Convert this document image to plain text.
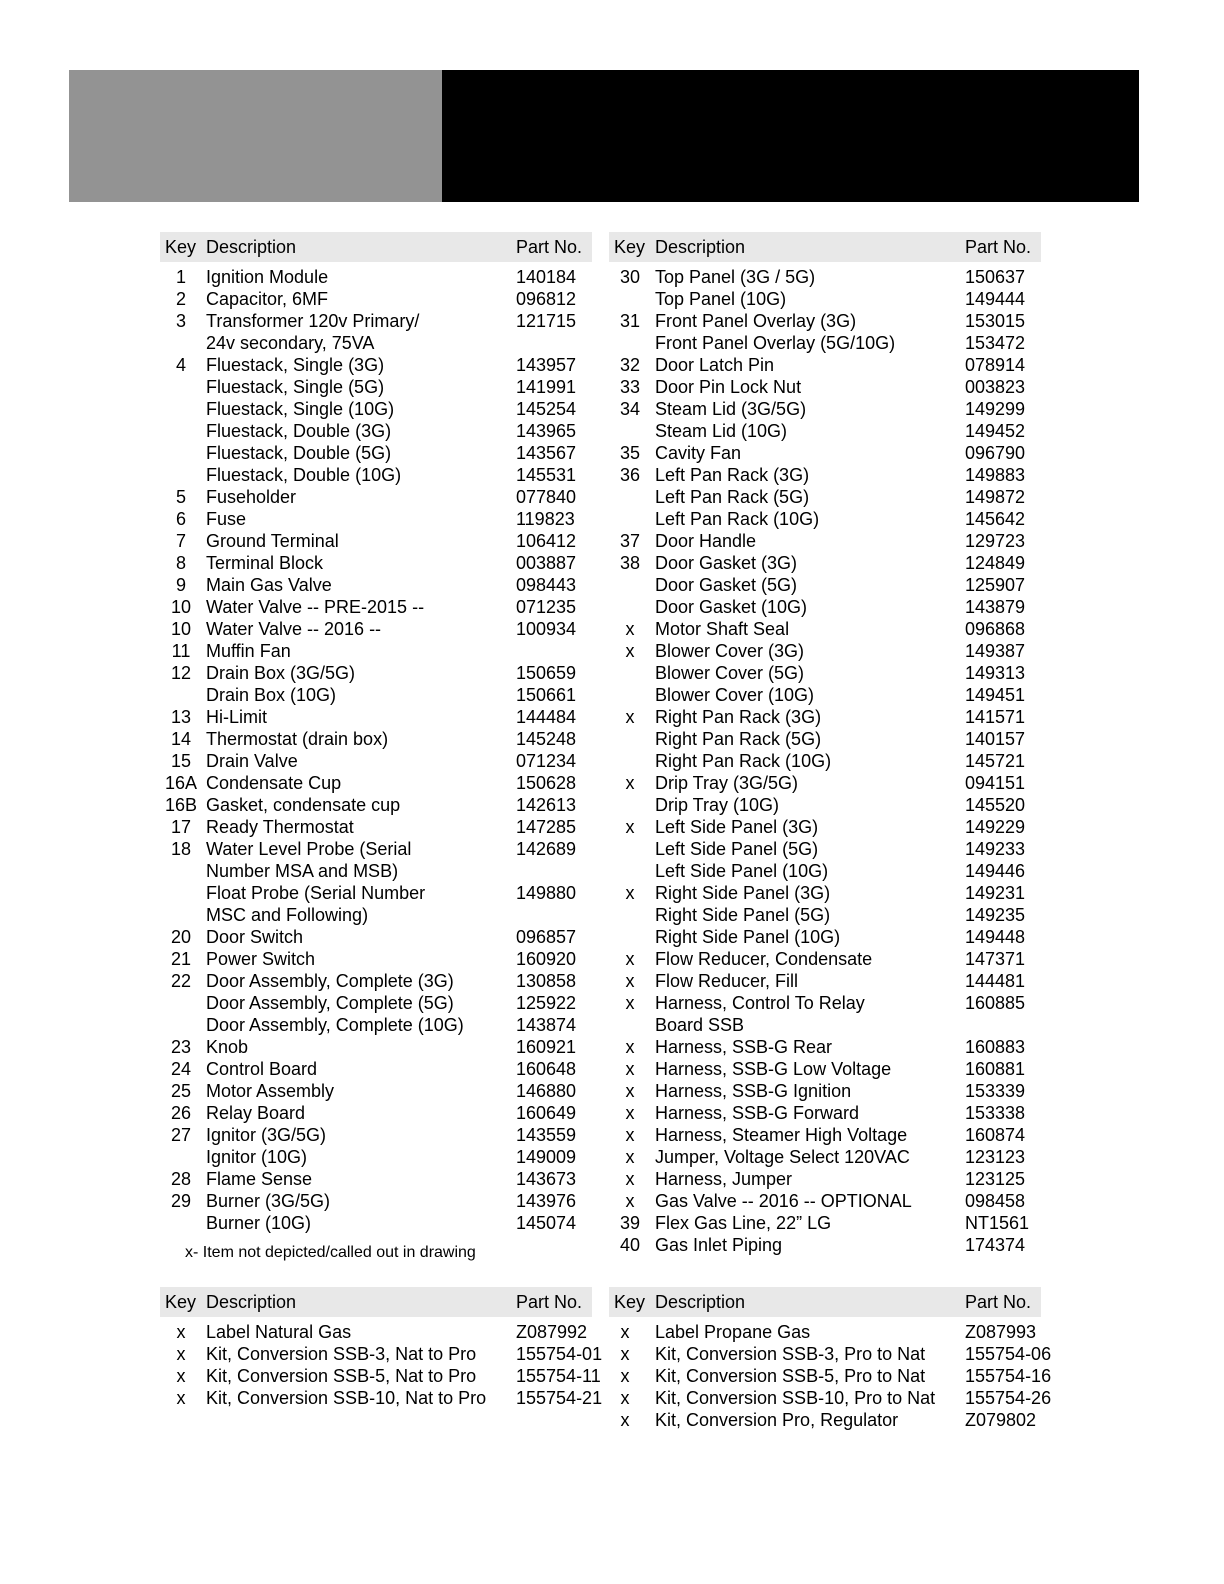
Key Description	Part No.
1	Ignition Module	140184
2	Capacitor, 6MF	096812
3	Transformer 120v Primary/	121715
24v secondary, 75VA
4	Fluestack, Single (3G)	143957
Fluestack, Single (5G)	141991
Fluestack, Single (10G)	145254
Fluestack, Double (3G)	143965
Fluestack, Double (5G)	143567
Fluestack, Double (10G)	145531
5	Fuseholder	077840
6	Fuse	119823
7	Ground Terminal	106412
8	Terminal Block	003887
9	Main Gas Valve	098443
10 Water Valve -- PRE-2015 --	071235
10 Water Valve -- 2016 --	100934
11 Muffin Fan
12 Drain Box (3G/5G)	150659
Drain Box (10G)	150661
13 Hi-Limit	144484
14 Thermostat (drain box)	145248
15 Drain Valve	071234
16A Condensate Cup	150628
16B Gasket, condensate cup	142613
17 Ready Thermostat	147285
18 Water Level Probe (Serial	142689
Number MSA and MSB)
Float Probe (Serial Number	149880
MSC and Following)
20 Door Switch	096857
21 Power Switch	160920
22 Door Assembly, Complete (3G)	130858
Door Assembly, Complete (5G)	125922
Door Assembly, Complete (10G)	143874
23 Knob	160921
24 Control Board	160648
25 Motor Assembly	146880
26 Relay Board	160649
27 Ignitor (3G/5G)	143559
Ignitor (10G)	149009
28 Flame Sense	143673
29 Burner (3G/5G)	143976
Burner (10G)	145074
Key Description	Part No.
30 Top Panel (3G / 5G)	150637
Top Panel (10G)	149444
31 Front Panel Overlay (3G)	153015
Front Panel Overlay (5G/10G)	153472
32 Door Latch Pin	078914
33 Door Pin Lock Nut	003823
34 Steam Lid (3G/5G)	149299
Steam Lid (10G)	149452
35 Cavity Fan	096790
36 Left Pan Rack (3G)	149883
Left Pan Rack (5G)	149872
Left Pan Rack (10G)	145642
37 Door Handle	129723
38 Door Gasket (3G)	124849
Door Gasket (5G)	125907
Door Gasket (10G)	143879
x	Motor Shaft Seal	096868
x	Blower Cover (3G)	149387
Blower Cover (5G)	149313
Blower Cover (10G)	149451
x	Right Pan Rack (3G)	141571
Right Pan Rack (5G)	140157
Right Pan Rack (10G)	145721
x	Drip Tray (3G/5G)	094151
Drip Tray (10G)	145520
x	Left Side Panel (3G)	149229
Left Side Panel (5G)	149233
Left Side Panel (10G)	149446
x	Right Side Panel (3G)	149231
Right Side Panel (5G)	149235
Right Side Panel (10G)	149448
x	Flow Reducer, Condensate	147371
x	Flow Reducer, Fill	144481
x	Harness, Control To Relay	160885
Board SSB
x	Harness, SSB-G Rear	160883
x	Harness, SSB-G Low Voltage	160881
x	Harness, SSB-G Ignition	153339
x	Harness, SSB-G Forward	153338
x	Harness, Steamer High Voltage	160874
x	Jumper, Voltage Select 120VAC	123123
x	Harness, Jumper	123125
x	Gas Valve -- 2016 -- OPTIONAL	098458
39 Flex Gas Line, 22” LG	NT1561
40 Gas Inlet Piping	174374
x- Item not depicted/called out in drawing
Key Description	Part No.
x	Label Natural Gas	Z087992
x	Kit, Conversion SSB-3, Nat to Pro 155754-01
x	Kit, Conversion SSB-5, Nat to Pro 155754-11
x	Kit, Conversion SSB-10, Nat to Pro 155754-21
Key Description	Part No.
x	Label Propane Gas	Z087993
x	Kit, Conversion SSB-3, Pro to Nat 155754-06
x	Kit, Conversion SSB-5, Pro to Nat 155754-16
x	Kit, Conversion SSB-10, Pro to Nat 155754-26
x	Kit, Conversion Pro, Regulator	Z079802
